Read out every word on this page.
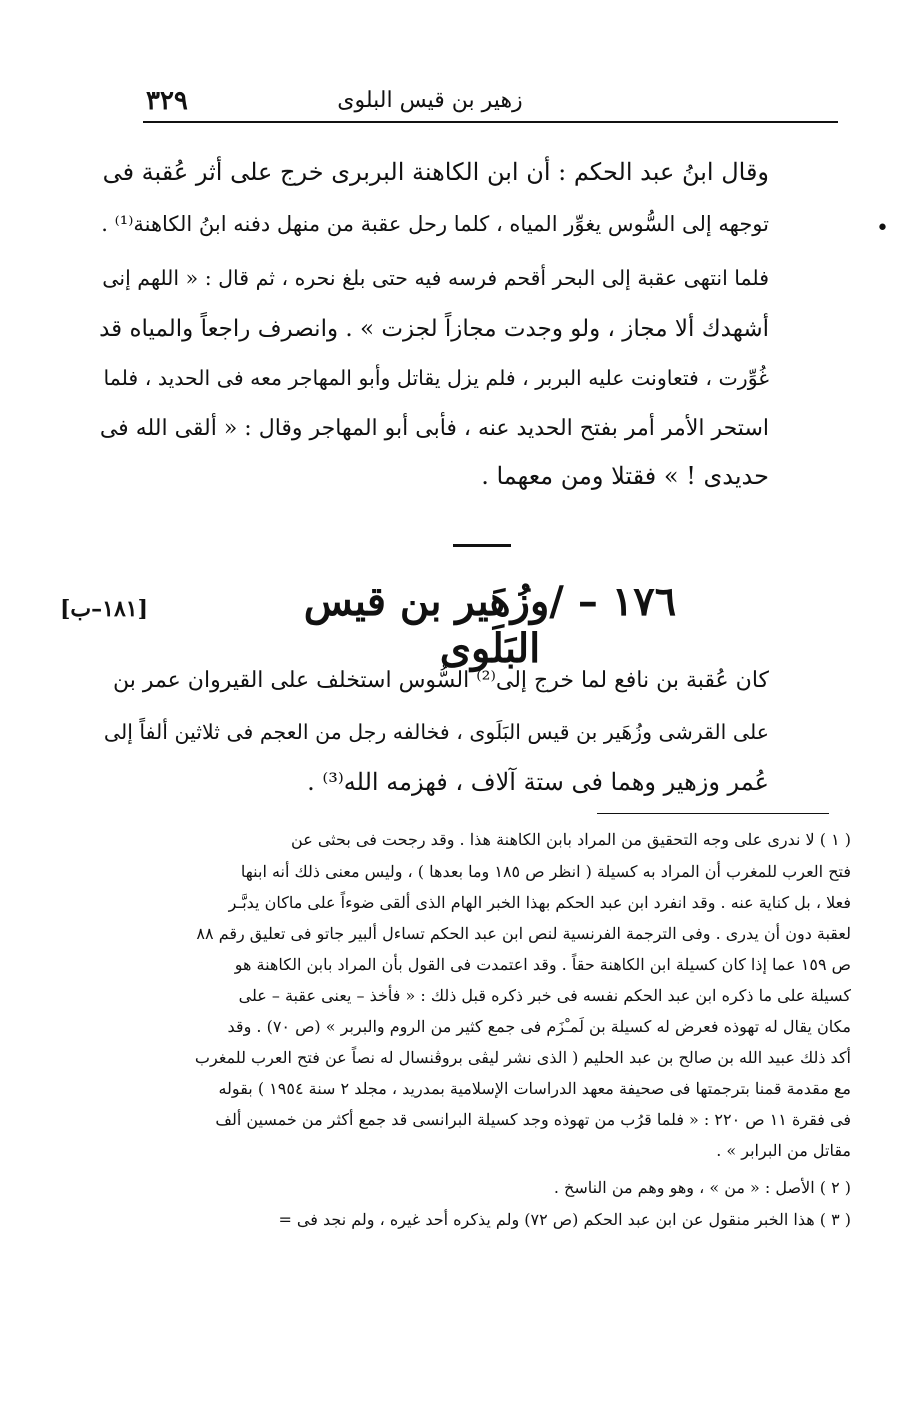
٣٢٩	زهير بن قيس البلوى
وقال ابنُ عبد الحكم : أن ابن الكاهنة البربرى خرج على أثر عُقبة فى
توجهه إلى السُّوس يغوِّر المياه ، كلما رحل عقبة من منهل دفنه ابنُ الكاهنة⁽¹⁾ .
فلما انتهى عقبة إلى البحر أقحم فرسه فيه حتى بلغ نحره ، ثم قال : « اللهم إنى
أشهدك ألا مجاز ، ولو وجدت مجازاً لجزت » . وانصرف راجعاً والمياه قد
غُوِّرت ، فتعاونت عليه البربر ، فلم يزل يقاتل وأبو المهاجر معه فى الحديد ، فلما
استحر الأمر أمر بفتح الحديد عنه ، فأبى أبو المهاجر وقال : « ألقى الله فى
حديدى ! » فقتلا ومن معهما .
•
١٧٦ – /وزُهَير بن قيس البَلَوى
[١٨١–ب]
كان عُقبة بن نافع لما خرج إلى⁽²⁾ السُّوس استخلف على القيروان عمر بن
على القرشى وزُهَير بن قيس البَلَوى ، فخالفه رجل من العجم فى ثلاثين ألفاً إلى
عُمر وزهير وهما فى ستة آلاف ، فهزمه الله⁽³⁾ .
( ١ ) لا ندرى على وجه التحقيق من المراد بابن الكاهنة هذا . وقد رجحت فى بحثى عن
فتح العرب للمغرب أن المراد به كسيلة ( انظر ص ١٨٥ وما بعدها ) ، وليس معنى ذلك أنه ابنها
فعلا ، بل كناية عنه . وقد انفرد ابن عبد الحكم بهذا الخبر الهام الذى ألقى ضوءاً على ماكان يدبَّـر
لعقبة دون أن يدرى . وفى الترجمة الفرنسية لنص ابن عبد الحكم تساءل ألبير جاتو فى تعليق رقم ٨٨
ص ١٥٩ عما إذا كان كسيلة ابن الكاهنة حقاً . وقد اعتمدت فى القول بأن المراد بابن الكاهنة هو
كسيلة على ما ذكره ابن عبد الحكم نفسه فى خبر ذكره قبل ذلك : « فأخذ – يعنى عقبة – على
مكان يقال له تهوذه فعرض له كسيلة بن لَمـْزَم فى جمع كثير من الروم والبربر » (ص ٧٠) . وقد
أكد ذلك عبيد الله بن صالح بن عبد الحليم ( الذى نشر ليڤى بروڤنسال له نصاً عن فتح العرب للمغرب
مع مقدمة قمنا بترجمتها فى صحيفة معهد الدراسات الإسلامية بمدريد ، مجلد ٢ سنة ١٩٥٤ ) بقوله
فى فقرة ١١ ص ٢٢٠ : « فلما قرُب من تهوذه وجد كسيلة البرانسى قد جمع أكثر من خمسين ألف
مقاتل من البرابر » .
( ٢ ) الأصل : « من » ، وهو وهم من الناسخ .
( ٣ ) هذا الخبر منقول عن ابن عبد الحكم (ص ٧٢) ولم يذكره أحد غيره ، ولم نجد فى =
